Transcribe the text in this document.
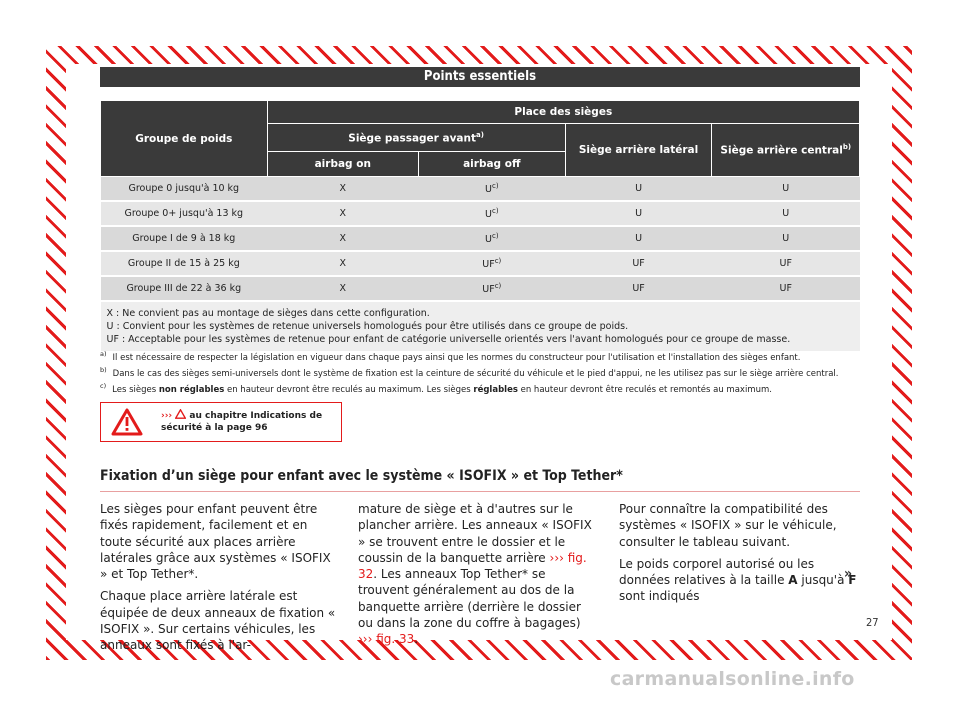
Points essentiels
Groupe de poids	Place des sièges			
	Siège passager avant$^{a)}$		Siège arrière latéral	Siège arrière central$^{b)}$
	airbag on	airbag off		
Groupe 0 jusqu'à 10 kg	X	$U^{c)}$	U	U
Groupe 0+ jusqu'à 13 kg	X	$U^{c)}$	U	U
Groupe I de 9 à 18 kg	X	$U^{c)}$	U	U
Groupe II de 15 à 25 kg	X	UF$^{c)}$	UF	UF
Groupe III de 22 à 36 kg	X	UF$^{c)}$	UF	UF

X : Ne convient pas au montage de sièges dans cette configuration.
U : Convient pour les systèmes de retenue universels homologués pour être utilisés dans ce groupe de poids.
UF : Acceptable pour les systèmes de retenue pour enfant de catégorie universelle orientés vers l'avant homologués pour ce groupe de masse.				
$^{a)}$ Il est nécessaire de respecter la législation en vigueur dans chaque pays ainsi que les normes du constructeur pour l'utilisation et l'installation des sièges enfant.
$^{b)}$ Dans le cas des sièges semi-universels dont le système de fixation est la ceinture de sécurité du véhicule et le pied d'appui, ne les utilisez pas sur le siège arrière central.
$^{c)}$ Les sièges non réglables en hauteur devront être reculés au maximum. Les sièges réglables en hauteur devront être reculés et remontés au maximum.
›››  au chapitre Indications de sécurité à la page 96
Fixation d’un siège pour enfant avec le système « ISOFIX » et Top Tether*

Les sièges pour enfant peuvent être fixés rapidement, facilement et en toute sécurité aux places arrière latérales grâce aux systèmes « ISOFIX » et Top Tether*.

Chaque place arrière latérale est équipée de deux anneaux de fixation « ISOFIX ». Sur certains véhicules, les anneaux sont fixés à l'ar-

mature de siège et à d'autres sur le plancher arrière. Les anneaux « ISOFIX » se trouvent entre le dossier et le coussin de la banquette arrière ››› fig. 32. Les anneaux Top Tether* se trouvent généralement au dos de la banquette arrière (derrière le dossier ou dans la zone du coffre à bagages) ››› fig. 33.

Pour connaître la compatibilité des systèmes « ISOFIX » sur le véhicule, consulter le tableau suivant.

Le poids corporel autorisé ou les données relatives à la taille A jusqu'à F sont indiqués

»
27
carmanualsonline.info
